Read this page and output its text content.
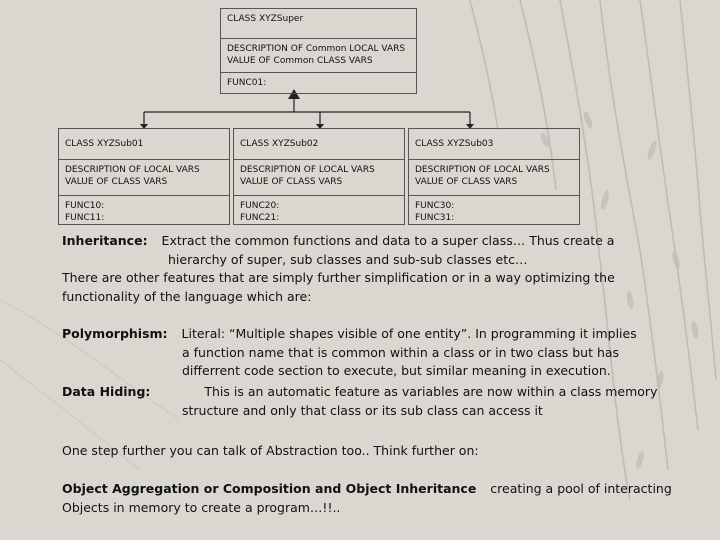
CLASS XYZSuper
DESCRIPTION OF Common LOCAL VARS
VALUE OF Common CLASS VARS
FUNC01:
CLASS XYZSub01
DESCRIPTION OF LOCAL VARS
VALUE OF CLASS VARS
FUNC10:
FUNC11:
CLASS XYZSub02
DESCRIPTION OF LOCAL VARS
VALUE OF CLASS VARS
FUNC20:
FUNC21:
CLASS XYZSub03
DESCRIPTION OF LOCAL VARS
VALUE OF CLASS VARS
FUNC30:
FUNC31:
Inheritance: Extract the common functions and data to a super class… Thus create a
hierarchy of super, sub classes and sub-sub classes etc…
There are other features that are simply further simplification or in a way optimizing the
functionality of the language which are:
Polymorphism: Literal: “Multiple shapes visible of one entity”. In programming it implies
a function name that is common within a class or in two class but has
differrent code section to execute, but similar meaning in execution.
Data Hiding:	This is an automatic feature as variables are now within a class memory
structure and only that class or its sub class can access it
One step further you can talk of Abstraction too.. Think further on:
Object Aggregation or Composition and Object Inheritance creating a pool of interacting
Objects in memory to create a program…!!..
